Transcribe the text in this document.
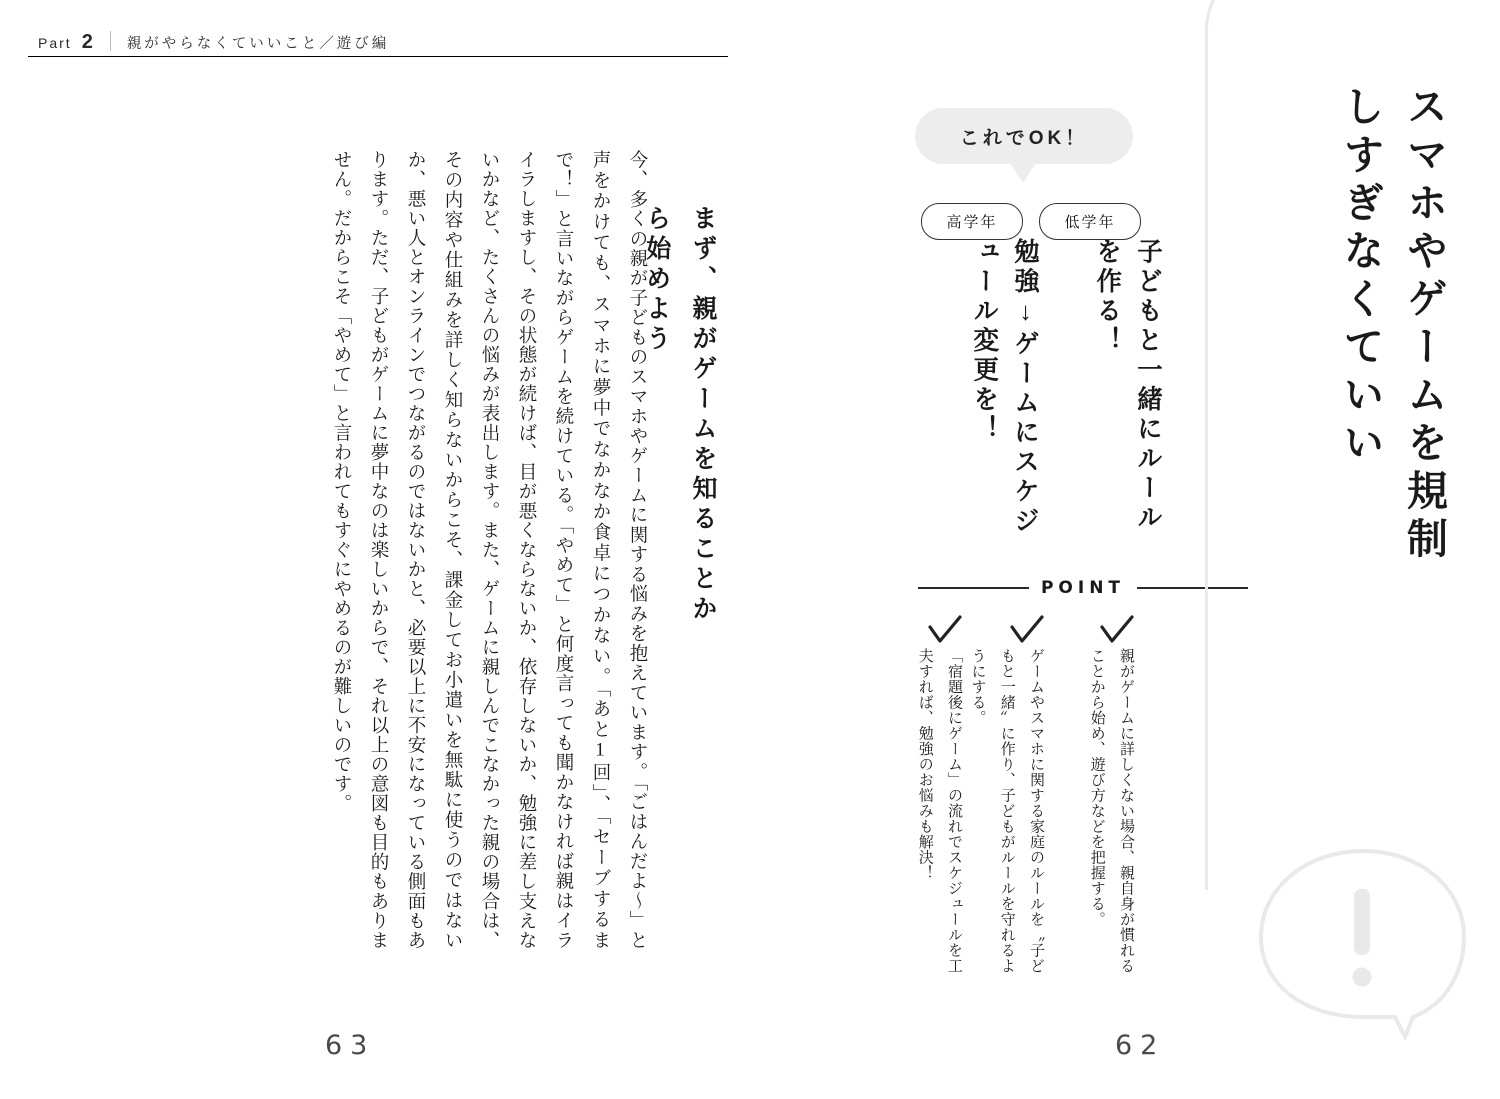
Part 2 親がやらなくていいこと／遊び編
まず、親がゲームを知ることから始めよう
今、多くの親が子どものスマホやゲームに関する悩みを抱えています。「ごはんだよ〜」と声をかけても、スマホに夢中でなかなか食卓につかない。「あと1回」、「セーブするまで！」と言いながらゲームを続けている。「やめて」と何度言っても聞かなければ親はイライラしますし、その状態が続けば、目が悪くならないか、依存しないか、勉強に差し支えないかなど、たくさんの悩みが表出します。また、ゲームに親しんでこなかった親の場合は、その内容や仕組みを詳しく知らないからこそ、課金してお小遣いを無駄に使うのではないか、悪い人とオンラインでつながるのではないかと、必要以上に不安になっている側面もあります。ただ、子どもがゲームに夢中なのは楽しいからで、それ以上の意図も目的もありません。だからこそ「やめて」と言われてもすぐにやめるのが難しいのです。
63
スマホやゲームを規制しすぎなくていい
これでOK！
高学年	低学年
子どもと一緒にルールを作る！
勉強↓ゲームにスケジュール変更を！
POINT
親がゲームに詳しくない場合、親自身が慣れることから始め、遊び方などを把握する。
ゲームやスマホに関する家庭のルールを〝子どもと一緒〟に作り、子どもがルールを守れるようにする。
「宿題後にゲーム」の流れでスケジュールを工夫すれば、勉強のお悩みも解決！
62
